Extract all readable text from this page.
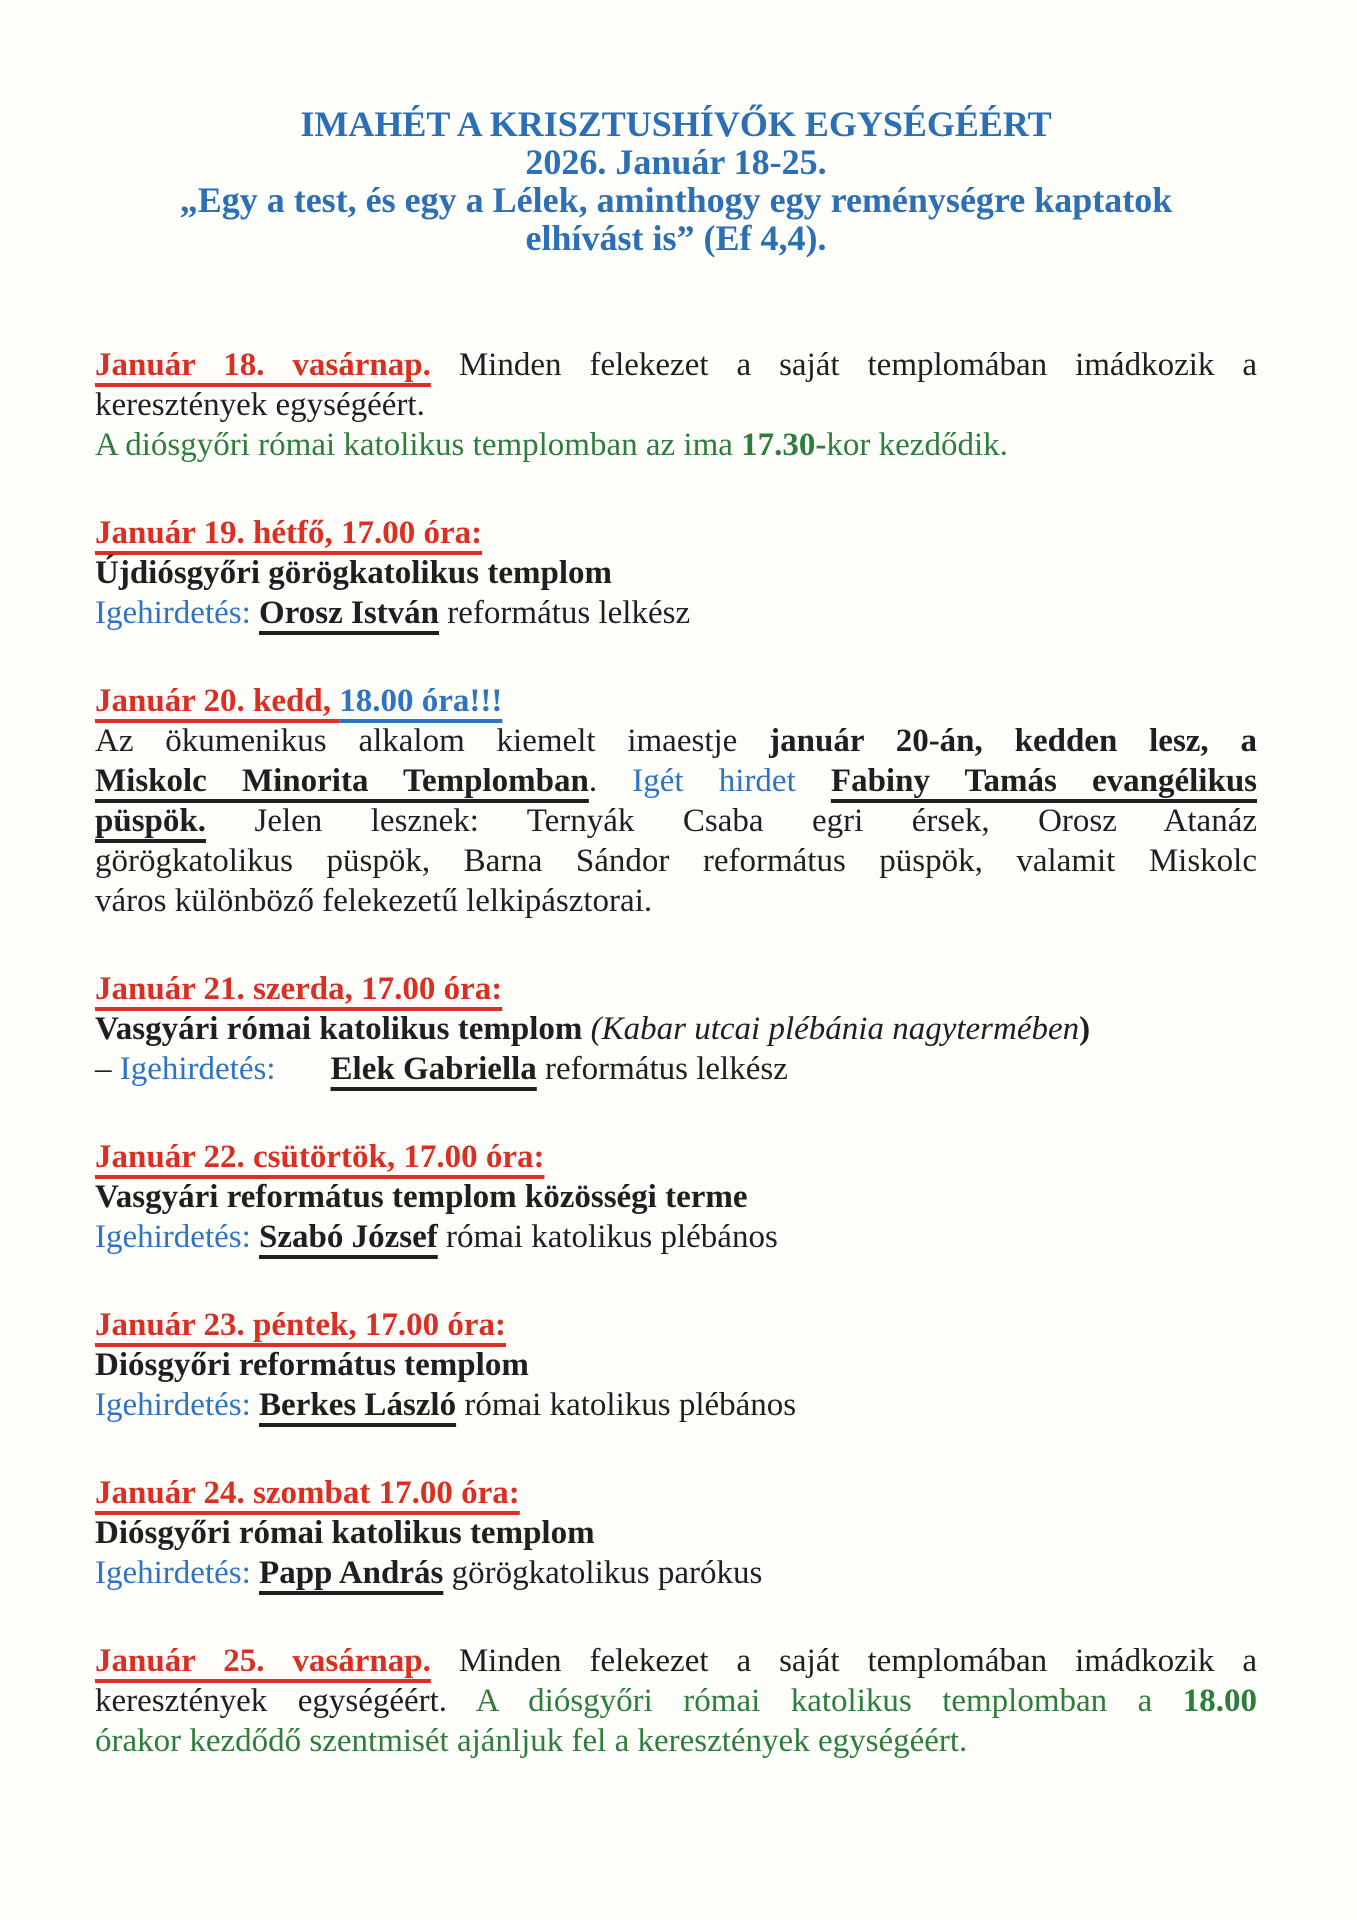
IMAHÉT A KRISZTUSHÍVŐK EGYSÉGÉÉRT
2026. Január 18-25.
„Egy a test, és egy a Lélek, aminthogy egy reménységre kaptatok
elhívást is” (Ef 4,4).
Január 18. vasárnap. Minden felekezet a saját templomában imádkozik a
keresztények egységéért.
A diósgyőri római katolikus templomban az ima 17.30-kor kezdődik.
Január 19. hétfő, 17.00 óra:
Újdiósgyőri görögkatolikus templom
Igehirdetés: Orosz István református lelkész
Január 20. kedd, 18.00 óra!!!
Az ökumenikus alkalom kiemelt imaestje január 20-án, kedden lesz, a
Miskolc Minorita Templomban. Igét hirdet Fabiny Tamás evangélikus
püspök. Jelen lesznek: Ternyák Csaba egri érsek, Orosz Atanáz
görögkatolikus püspök, Barna Sándor református püspök, valamit Miskolc
város különböző felekezetű lelkipásztorai.
Január 21. szerda, 17.00 óra:
Vasgyári római katolikus templom (Kabar utcai plébánia nagytermében)
– Igehirdetés: Elek Gabriella református lelkész
Január 22. csütörtök, 17.00 óra:
Vasgyári református templom közösségi terme
Igehirdetés: Szabó József római katolikus plébános
Január 23. péntek, 17.00 óra:
Diósgyőri református templom
Igehirdetés: Berkes László római katolikus plébános
Január 24. szombat 17.00 óra:
Diósgyőri római katolikus templom
Igehirdetés: Papp András görögkatolikus parókus
Január 25. vasárnap. Minden felekezet a saját templomában imádkozik a
keresztények egységéért. A diósgyőri római katolikus templomban a 18.00
órakor kezdődő szentmisét ajánljuk fel a keresztények egységéért.
